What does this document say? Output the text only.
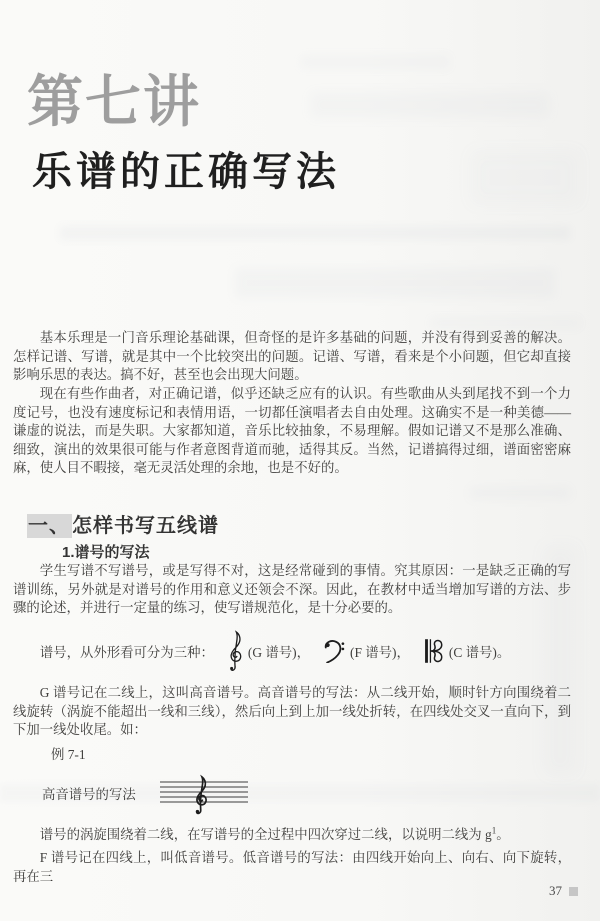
第七讲
乐谱的正确写法

基本乐理是一门音乐理论基础课，但奇怪的是许多基础的问题，并没有得到妥善的解决。怎样记谱、写谱，就是其中一个比较突出的问题。记谱、写谱，看来是个小问题，但它却直接影响乐思的表达。搞不好，甚至也会出现大问题。

现在有些作曲者，对正确记谱，似乎还缺乏应有的认识。有些歌曲从头到尾找不到一个力度记号，也没有速度标记和表情用语，一切都任演唱者去自由处理。这确实不是一种美德——谦虚的说法，而是失职。大家都知道，音乐比较抽象，不易理解。假如记谱又不是那么准确、细致，演出的效果很可能与作者意图背道而驰，适得其反。当然，记谱搞得过细，谱面密密麻麻，使人目不暇接，毫无灵活处理的余地，也是不好的。

一、怎样书写五线谱
1.谱号的写法

学生写谱不写谱号，或是写得不对，这是经常碰到的事情。究其原因：一是缺乏正确的写谱训练，另外就是对谱号的作用和意义还领会不深。因此，在教材中适当增加写谱的方法、步骤的论述，并进行一定量的练习，使写谱规范化，是十分必要的。

谱号，从外形看可分为三种：	(G 谱号)，	(F 谱号)，	(C 谱号)。

G 谱号记在二线上，这叫高音谱号。高音谱号的写法：从二线开始，顺时针方向围绕着二线旋转（涡旋不能超出一线和三线），然后向上到上加一线处折转，在四线处交叉一直向下，到下加一线处收尾。如：

例 7-1

高音谱号的写法

谱号的涡旋围绕着二线，在写谱号的全过程中四次穿过二线，以说明二线为 $g^1$。

F 谱号记在四线上，叫低音谱号。低音谱号的写法：由四线开始向上、向右、向下旋转，再在三

37
